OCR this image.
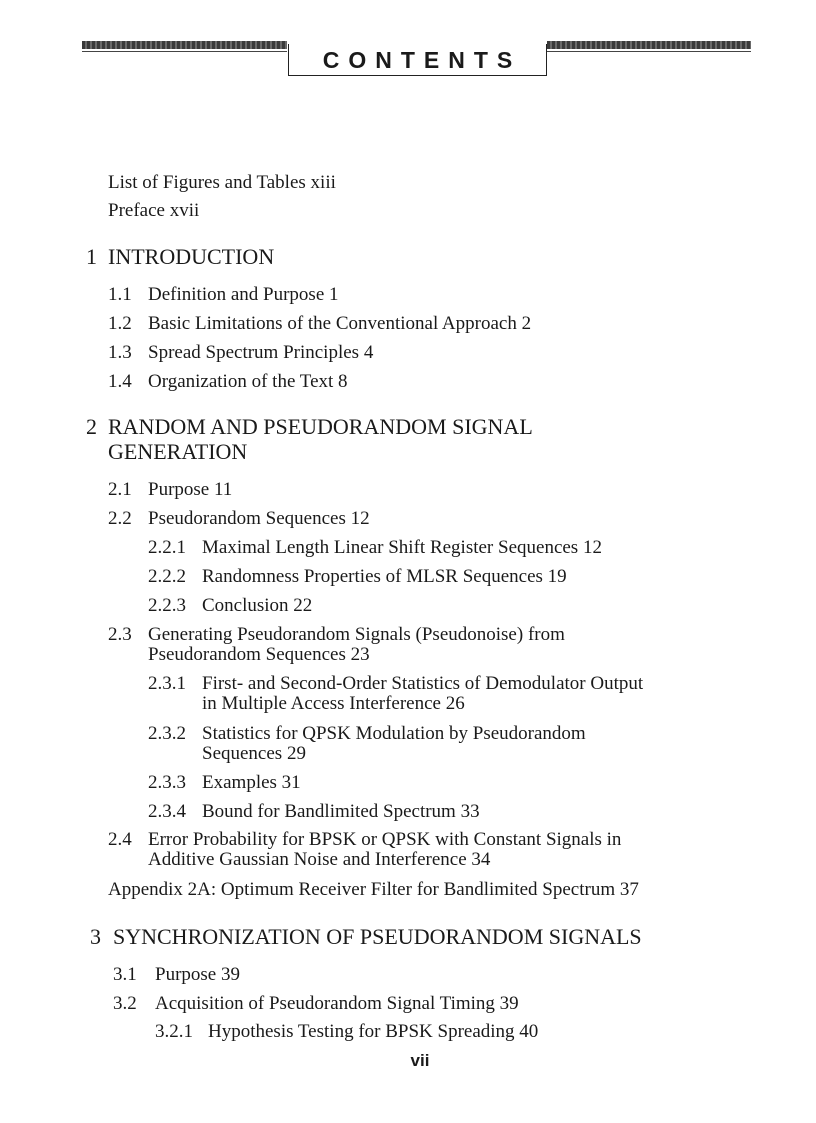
CONTENTS
List of Figures and Tables xiii
Preface xvii
1 INTRODUCTION
1.1 Definition and Purpose 1
1.2 Basic Limitations of the Conventional Approach 2
1.3 Spread Spectrum Principles 4
1.4 Organization of the Text 8
2 RANDOM AND PSEUDORANDOM SIGNAL
GENERATION
2.1 Purpose 11
2.2 Pseudorandom Sequences 12
2.2.1 Maximal Length Linear Shift Register Sequences 12
2.2.2 Randomness Properties of MLSR Sequences 19
2.2.3 Conclusion 22
2.3 Generating Pseudorandom Signals (Pseudonoise) from
Pseudorandom Sequences 23
2.3.1 First- and Second-Order Statistics of Demodulator Output
in Multiple Access Interference 26
2.3.2 Statistics for QPSK Modulation by Pseudorandom
Sequences 29
2.3.3 Examples 31
2.3.4 Bound for Bandlimited Spectrum 33
2.4 Error Probability for BPSK or QPSK with Constant Signals in
Additive Gaussian Noise and Interference 34
Appendix 2A: Optimum Receiver Filter for Bandlimited Spectrum 37
3 SYNCHRONIZATION OF PSEUDORANDOM SIGNALS
3.1 Purpose 39
3.2 Acquisition of Pseudorandom Signal Timing 39
3.2.1 Hypothesis Testing for BPSK Spreading 40
vii
